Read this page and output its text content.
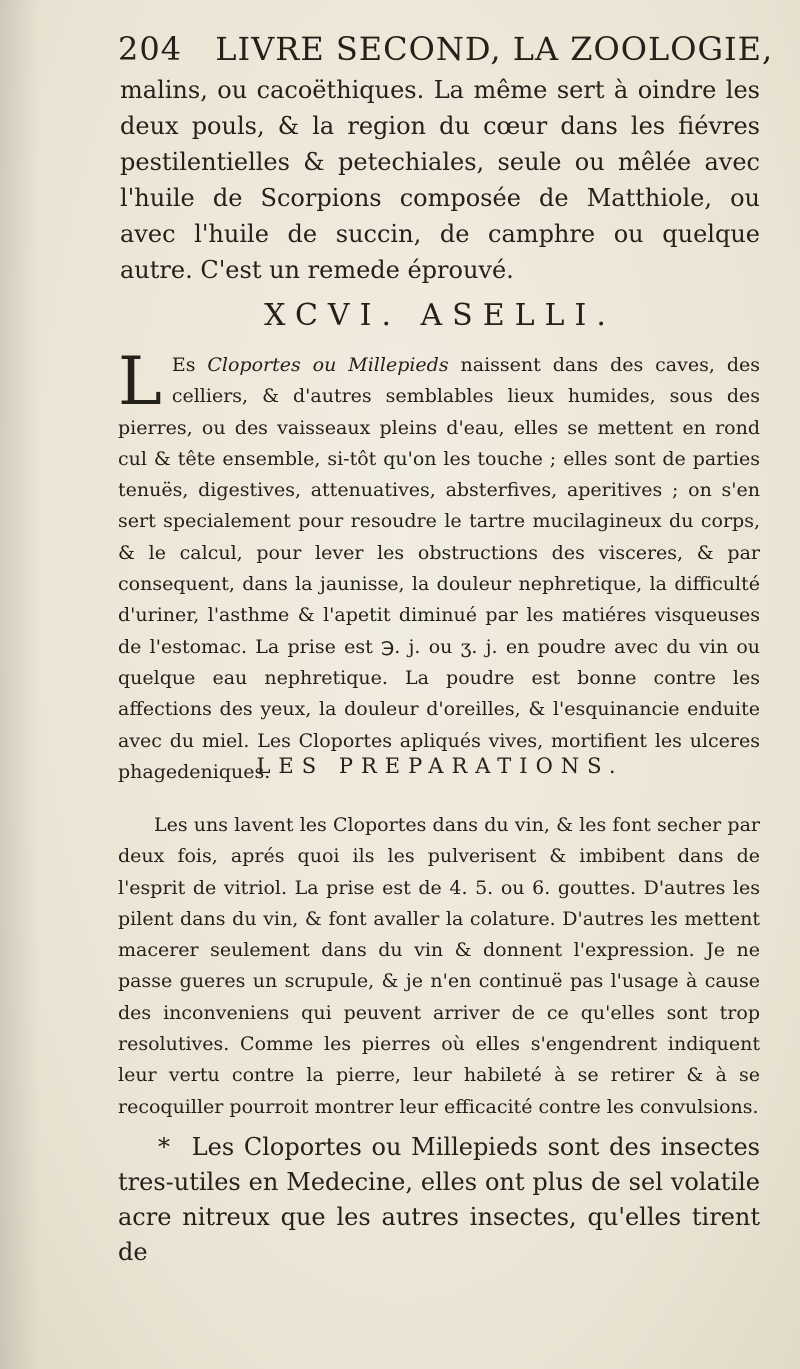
204 LIVRE SECOND, LA ZOOLOGIE,
malins, ou cacoëthiques. La même sert à oindre les deux pouls, & la region du cœur dans les fiévres pestilentielles & petechiales, seule ou mêlée avec l'huile de Scorpions composée de Matthiole, ou avec l'huile de succin, de camphre ou quelque autre. C'est un remede éprouvé.
XCVI. ASELLI.
L Es Cloportes ou Millepieds naissent dans des caves, des celliers, & d'autres semblables lieux humides, sous des pierres, ou des vaisseaux pleins d'eau, elles se mettent en rond cul & tête ensemble, si-tôt qu'on les touche ; elles sont de parties tenuës, digestives, attenuatives, absterfives, aperitives ; on s'en sert specialement pour resoudre le tartre mucilagineux du corps, & le calcul, pour lever les obstructions des visceres, & par consequent, dans la jaunisse, la douleur nephretique, la difficulté d'uriner, l'asthme & l'apetit diminué par les matiéres visqueuses de l'estomac. La prise est ℈. j. ou ʒ. j. en poudre avec du vin ou quelque eau nephretique. La poudre est bonne contre les affections des yeux, la douleur d'oreilles, & l'esquinancie enduite avec du miel. Les Cloportes apliqués vives, mortifient les ulceres phagedeniques.
LES PREPARATIONS.
Les uns lavent les Cloportes dans du vin, & les font secher par deux fois, aprés quoi ils les pulverisent & imbibent dans de l'esprit de vitriol. La prise est de 4. 5. ou 6. gouttes. D'autres les pilent dans du vin, & font avaller la colature. D'autres les mettent macerer seulement dans du vin & donnent l'expression. Je ne passe gueres un scrupule, & je n'en continuë pas l'usage à cause des inconveniens qui peuvent arriver de ce qu'elles sont trop resolutives. Comme les pierres où elles s'engendrent indiquent leur vertu contre la pierre, leur habileté à se retirer & à se recoquiller pourroit montrer leur efficacité contre les convulsions.
* Les Cloportes ou Millepieds sont des insectes tres-utiles en Medecine, elles ont plus de sel volatile acre nitreux que les autres insectes, qu'elles tirent de
